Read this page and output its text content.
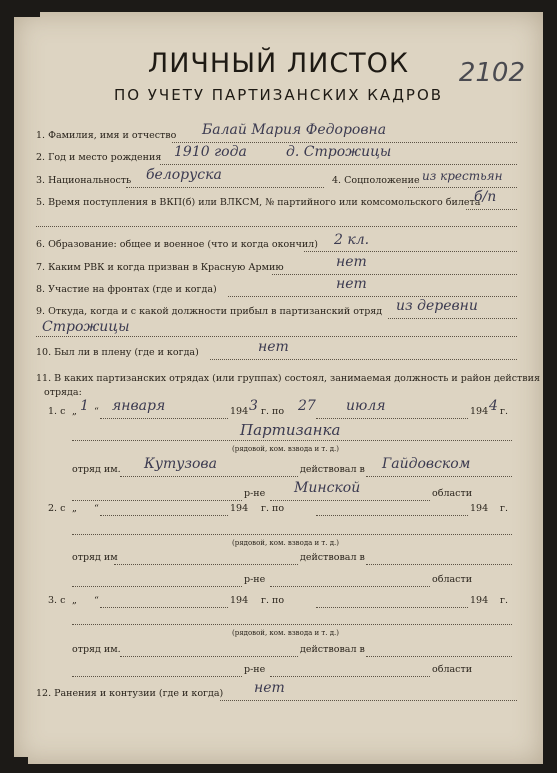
ЛИЧНЫЙ ЛИСТОК
ПО УЧЕТУ ПАРТИЗАНСКИХ КАДРОВ
2102
1. Фамилия, имя и отчество Балай Мария Федоровна
2. Год и место рождения 1910 года	д. Строжицы
3. Национальность белоруска	4. Соцположение из крестьян
5. Время поступления в ВКП(б) или ВЛКСМ, № партийного или комсомольского билета
б/п
6. Образование: общее и военное (что и когда окончил) 2 кл.
7. Каким РВК и когда призван в Красную Армию	нет
8. Участие на фронтах (где и когда)	нет
9. Откуда, когда и с какой должности прибыл в партизанский отряд из деревни
Строжицы
10. Был ли в плену (где и когда)	нет
11. В каких партизанских отрядах (или группах) состоял, занимаемая должность и район действия
отряда:
1. с „ 1 “ января	194 3 г. по 27 июля	194 4 г.
Партизанка
(рядовой, ком. взвода и т. д.)
отряд им. Кутузова	действовал в Гайдовском
р-не Минской	области
2. с „ “	194 г. по	194 г.
(рядовой, ком. взвода и т. д.)
отряд им	действовал в
р-не	области
3. с „ “	194 г. по	194 г.
(рядовой, ком. взвода и т. д.)
отряд им.	действовал в
р-не	области
12. Ранения и контузии (где и когда) нет
